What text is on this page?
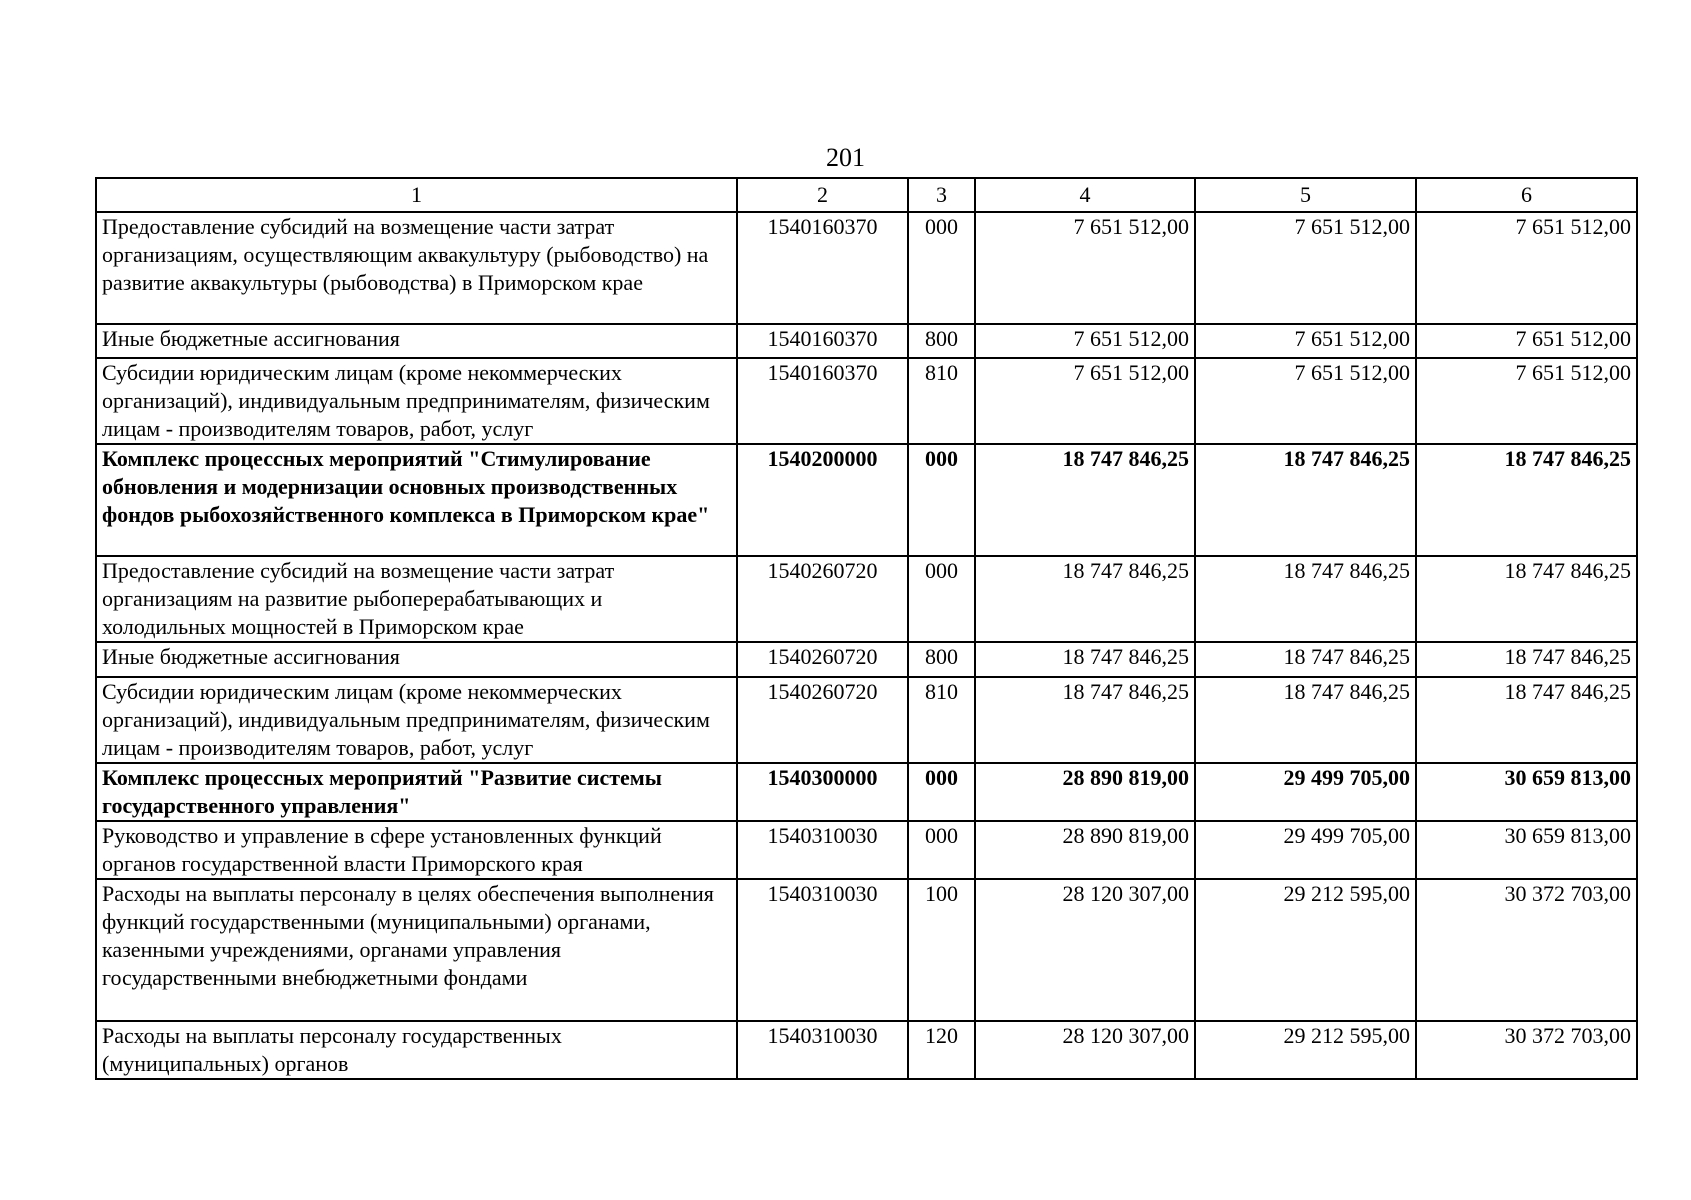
201
1	2	3	4	5	6
Предоставление субсидий на возмещение части затрат организациям, осуществляющим аквакультуру (рыбоводство) на развитие аквакультуры (рыбоводства) в Приморском крае	1540160370	000	7 651 512,00	7 651 512,00	7 651 512,00
Иные бюджетные ассигнования	1540160370	800	7 651 512,00	7 651 512,00	7 651 512,00
Субсидии юридическим лицам (кроме некоммерческих организаций), индивидуальным предпринимателям, физическим лицам - производителям товаров, работ, услуг	1540160370	810	7 651 512,00	7 651 512,00	7 651 512,00
Комплекс процессных мероприятий "Стимулирование обновления и модернизации основных производственных фондов рыбохозяйственного комплекса в Приморском крае"	1540200000	000	18 747 846,25	18 747 846,25	18 747 846,25
Предоставление субсидий на возмещение части затрат организациям на развитие рыбоперерабатывающих и холодильных мощностей в Приморском крае	1540260720	000	18 747 846,25	18 747 846,25	18 747 846,25
Иные бюджетные ассигнования	1540260720	800	18 747 846,25	18 747 846,25	18 747 846,25
Субсидии юридическим лицам (кроме некоммерческих организаций), индивидуальным предпринимателям, физическим лицам - производителям товаров, работ, услуг	1540260720	810	18 747 846,25	18 747 846,25	18 747 846,25
Комплекс процессных мероприятий "Развитие системы государственного управления"	1540300000	000	28 890 819,00	29 499 705,00	30 659 813,00
Руководство и управление в сфере установленных функций органов государственной власти Приморского края	1540310030	000	28 890 819,00	29 499 705,00	30 659 813,00
Расходы на выплаты персоналу в целях обеспечения выполнения функций государственными (муниципальными) органами, казенными учреждениями, органами управления государственными внебюджетными фондами	1540310030	100	28 120 307,00	29 212 595,00	30 372 703,00
Расходы на выплаты персоналу государственных (муниципальных) органов	1540310030	120	28 120 307,00	29 212 595,00	30 372 703,00
